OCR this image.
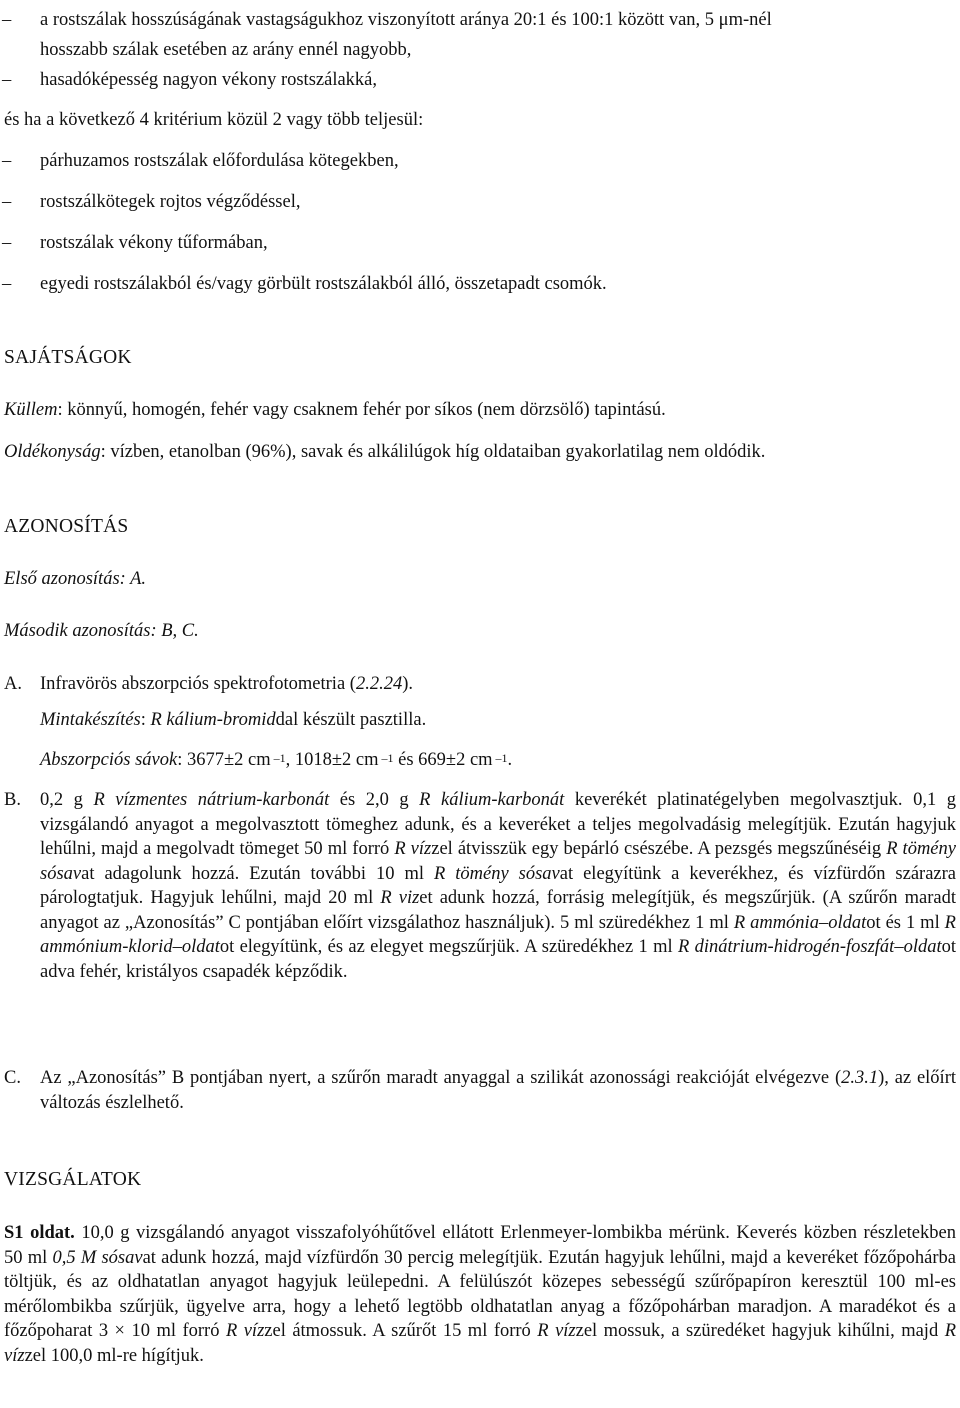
–	a rostszálak hosszúságának vastagságukhoz viszonyított aránya 20:1 és 100:1 között van, 5 μm-nél
hosszabb szálak esetében az arány ennél nagyobb,
–	hasadóképesség nagyon vékony rostszálakká,
és ha a következő 4 kritérium közül 2 vagy több teljesül:
–	párhuzamos rostszálak előfordulása kötegekben,
–	rostszálkötegek rojtos végződéssel,
–	rostszálak vékony tűformában,
–	egyedi rostszálakból és/vagy görbült rostszálakból álló, összetapadt csomók.
SAJÁTSÁGOK
Küllem: könnyű, homogén, fehér vagy csaknem fehér por síkos (nem dörzsölő) tapintású.
Oldékonyság: vízben, etanolban (96%), savak és alkálilúgok híg oldataiban gyakorlatilag nem oldódik.
AZONOSÍTÁS
Első azonosítás: A.
Második azonosítás: B, C.
A. Infravörös abszorpciós spektrofotometria (2.2.24).
Mintakészítés: R kálium-bromiddal készült pasztilla.
Abszorpciós sávok: 3677±2 cm $^{-1}$, 1018±2 cm $^{-1}$ és 669±2 cm $^{-1}$.
B. 0,2 g R vízmentes nátrium-karbonát és 2,0 g R kálium-karbonát keverékét platinatégelyben megolvasztjuk. 0,1 g vizsgálandó anyagot a megolvasztott tömeghez adunk, és a keveréket a teljes megolvadásig melegítjük. Ezután hagyjuk lehűlni, majd a megolvadt tömeget 50 ml forró R vízzel átvisszük egy bepárló csészébe. A pezsgés megszűnéséig R tömény sósavat adagolunk hozzá. Ezután további 10 ml R tömény sósavat elegyítünk a keverékhez, és vízfürdőn szárazra párologtatjuk. Hagyjuk lehűlni, majd 20 ml R vizet adunk hozzá, forrásig melegítjük, és megszűrjük. (A szűrőn maradt anyagot az „Azonosítás” C pontjában előírt vizsgálathoz használjuk). 5 ml szüredékhez 1 ml R ammónia–oldatot és 1 ml R ammónium-klorid–oldatot elegyítünk, és az elegyet megszűrjük. A szüredékhez 1 ml R dinátrium-hidrogén-foszfát–oldatot adva fehér, kristályos csapadék képződik.
C. Az „Azonosítás” B pontjában nyert, a szűrőn maradt anyaggal a szilikát azonossági reakcióját elvégezve (2.3.1), az előírt változás észlelhető.
VIZSGÁLATOK
S1 oldat. 10,0 g vizsgálandó anyagot visszafolyóhűtővel ellátott Erlenmeyer-lombikba mérünk. Keverés közben részletekben 50 ml 0,5 M sósavat adunk hozzá, majd vízfürdőn 30 percig melegítjük. Ezután hagyjuk lehűlni, majd a keveréket főzőpohárba töltjük, és az oldhatatlan anyagot hagyjuk leülepedni. A felülúszót közepes sebességű szűrőpapíron keresztül 100 ml-es mérőlombikba szűrjük, ügyelve arra, hogy a lehető legtöbb oldhatatlan anyag a főzőpohárban maradjon. A maradékot és a főzőpoharat 3 × 10 ml forró R vízzel átmossuk. A szűrőt 15 ml forró R vízzel mossuk, a szüredéket hagyjuk kihűlni, majd R vízzel 100,0 ml-re hígítjuk.
